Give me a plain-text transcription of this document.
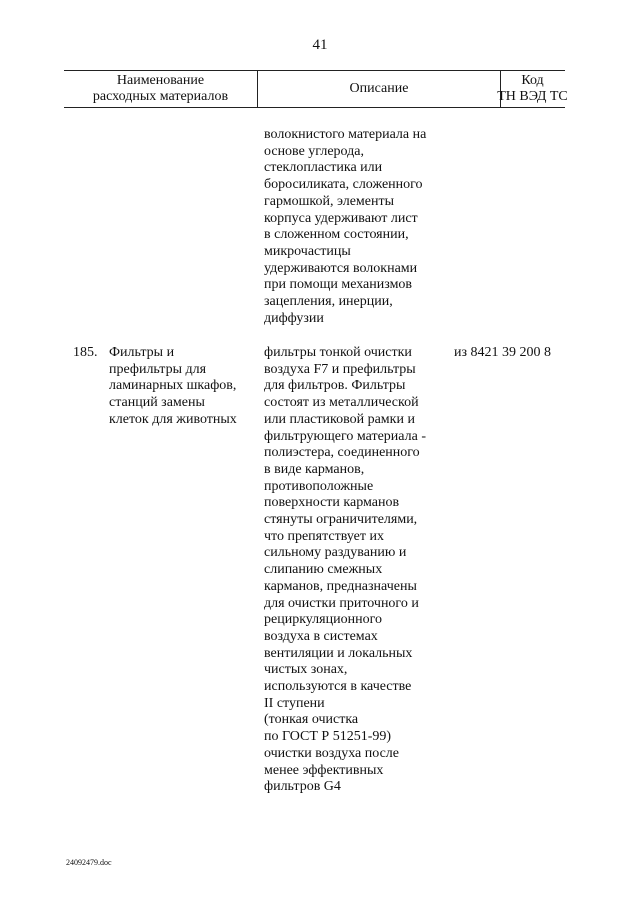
41
Наименование
расходных материалов
Описание
Код
ТН ВЭД ТС
волокнистого материала на
основе углерода,
стеклопластика или
боросиликата, сложенного
гармошкой, элементы
корпуса удерживают лист
в сложенном состоянии,
микрочастицы
удерживаются волокнами
при помощи механизмов
зацепления, инерции,
диффузии
185. Фильтры и
префильтры для
ламинарных шкафов,
станций замены
клеток для животных
фильтры тонкой очистки
воздуха F7 и префильтры
для фильтров. Фильтры
состоят из металлической
или пластиковой рамки и
фильтрующего материала -
полиэстера, соединенного
в виде карманов,
противоположные
поверхности карманов
стянуты ограничителями,
что препятствует их
сильному раздуванию и
слипанию смежных
карманов, предназначены
для очистки приточного и
рециркуляционного
воздуха в системах
вентиляции и локальных
чистых зонах,
используются в качестве
II ступени
(тонкая очистка
по ГОСТ Р 51251-99)
очистки воздуха после
менее эффективных
фильтров G4
из 8421 39 200 8
24092479.doc
